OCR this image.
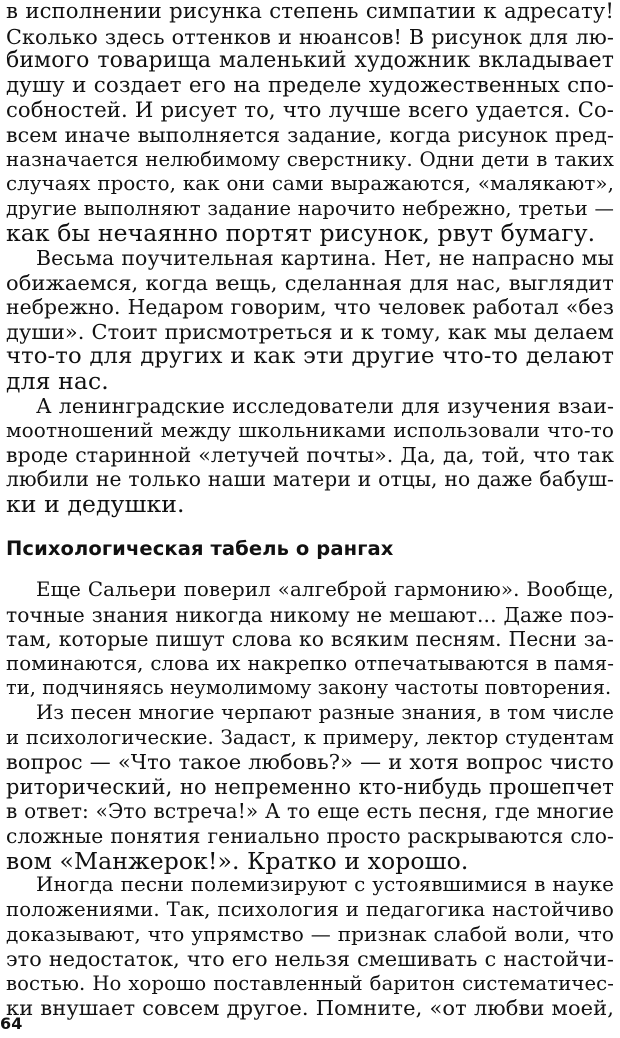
в исполнении рисунка степень симпатии к адресату!
Сколько здесь оттенков и нюансов! В рисунок для лю-
бимого товарища маленький художник вкладывает
душу и создает его на пределе художественных спо-
собностей. И рисует то, что лучше всего удается. Со-
всем иначе выполняется задание, когда рисунок пред-
назначается нелюбимому сверстнику. Одни дети в таких
случаях просто, как они сами выражаются, «малякают»,
другие выполняют задание нарочито небрежно, третьи —
как бы нечаянно портят рисунок, рвут бумагу.
Весьма поучительная картина. Нет, не напрасно мы
обижаемся, когда вещь, сделанная для нас, выглядит
небрежно. Недаром говорим, что человек работал «без
души». Стоит присмотреться и к тому, как мы делаем
что-то для других и как эти другие что-то делают
для нас.
А ленинградские исследователи для изучения взаи-
моотношений между школьниками использовали что-то
вроде старинной «летучей почты». Да, да, той, что так
любили не только наши матери и отцы, но даже бабуш-
ки и дедушки.
Психологическая табель о рангах
Еще Сальери поверил «алгеброй гармонию». Вообще,
точные знания никогда никому не мешают... Даже поэ-
там, которые пишут слова ко всяким песням. Песни за-
поминаются, слова их накрепко отпечатываются в памя-
ти, подчиняясь неумолимому закону частоты повторения.
Из песен многие черпают разные знания, в том числе
и психологические. Задаст, к примеру, лектор студентам
вопрос — «Что такое любовь?» — и хотя вопрос чисто
риторический, но непременно кто-нибудь прошепчет
в ответ: «Это встреча!» А то еще есть песня, где многие
сложные понятия гениально просто раскрываются сло-
вом «Манжерок!». Кратко и хорошо.
Иногда песни полемизируют с устоявшимися в науке
положениями. Так, психология и педагогика настойчиво
доказывают, что упрямство — признак слабой воли, что
это недостаток, что его нельзя смешивать с настойчи-
востью. Но хорошо поставленный баритон систематичес-
ки внушает совсем другое. Помните, «от любви моей,
64
